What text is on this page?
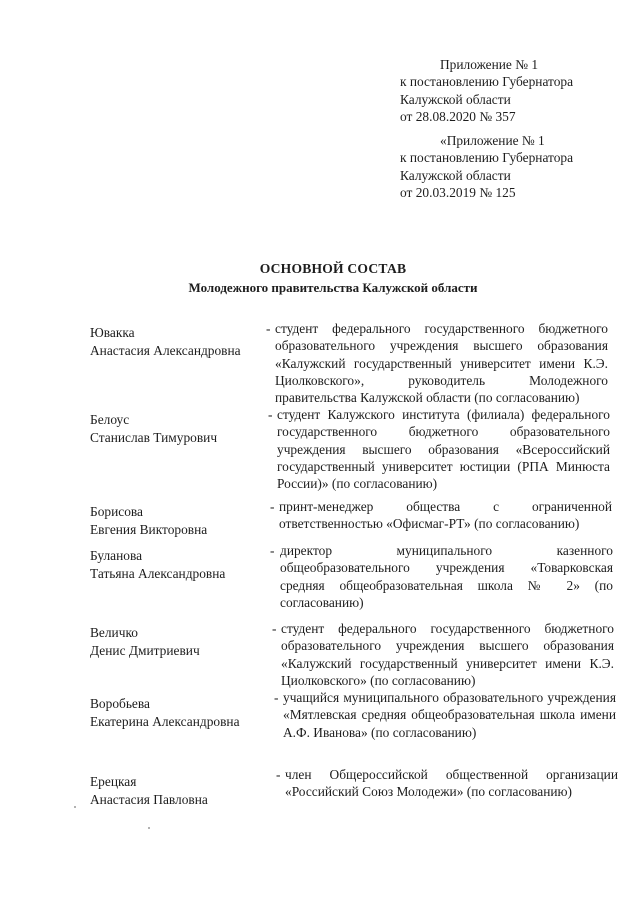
Приложение № 1
к постановлению Губернатора
Калужской области
от 28.08.2020 № 357
«Приложение № 1
к постановлению Губернатора
Калужской области
от 20.03.2019 № 125
ОСНОВНОЙ СОСТАВ
Молодежного правительства Калужской области
Ювакка
Анастасия Александровна
- студент федерального государственного бюджетного образовательного учреждения высшего образования «Калужский государственный университет имени К.Э. Циолковского», руководитель Молодежного правительства Калужской области (по согласованию)
Белоус
Станислав Тимурович
- студент Калужского института (филиала) федерального государственного бюджетного образовательного учреждения высшего образования «Всероссийский государственный университет юстиции (РПА Минюста России)» (по согласованию)
Борисова
Евгения Викторовна
- принт-менеджер общества с ограниченной ответственностью «Офисмаг-РТ» (по согласованию)
Буланова
Татьяна Александровна
- директор муниципального казенного общеобразовательного учреждения «Товарковская средняя общеобразовательная школа № 2» (по согласованию)
Величко
Денис Дмитриевич
- студент федерального государственного бюджетного образовательного учреждения высшего образования «Калужский государственный университет имени К.Э. Циолковского» (по согласованию)
Воробьева
Екатерина Александровна
- учащийся муниципального образовательного учреждения «Мятлевская средняя общеобразовательная школа имени А.Ф. Иванова» (по согласованию)
Ерецкая
Анастасия Павловна
- член Общероссийской общественной организации «Российский Союз Молодежи» (по согласованию)
